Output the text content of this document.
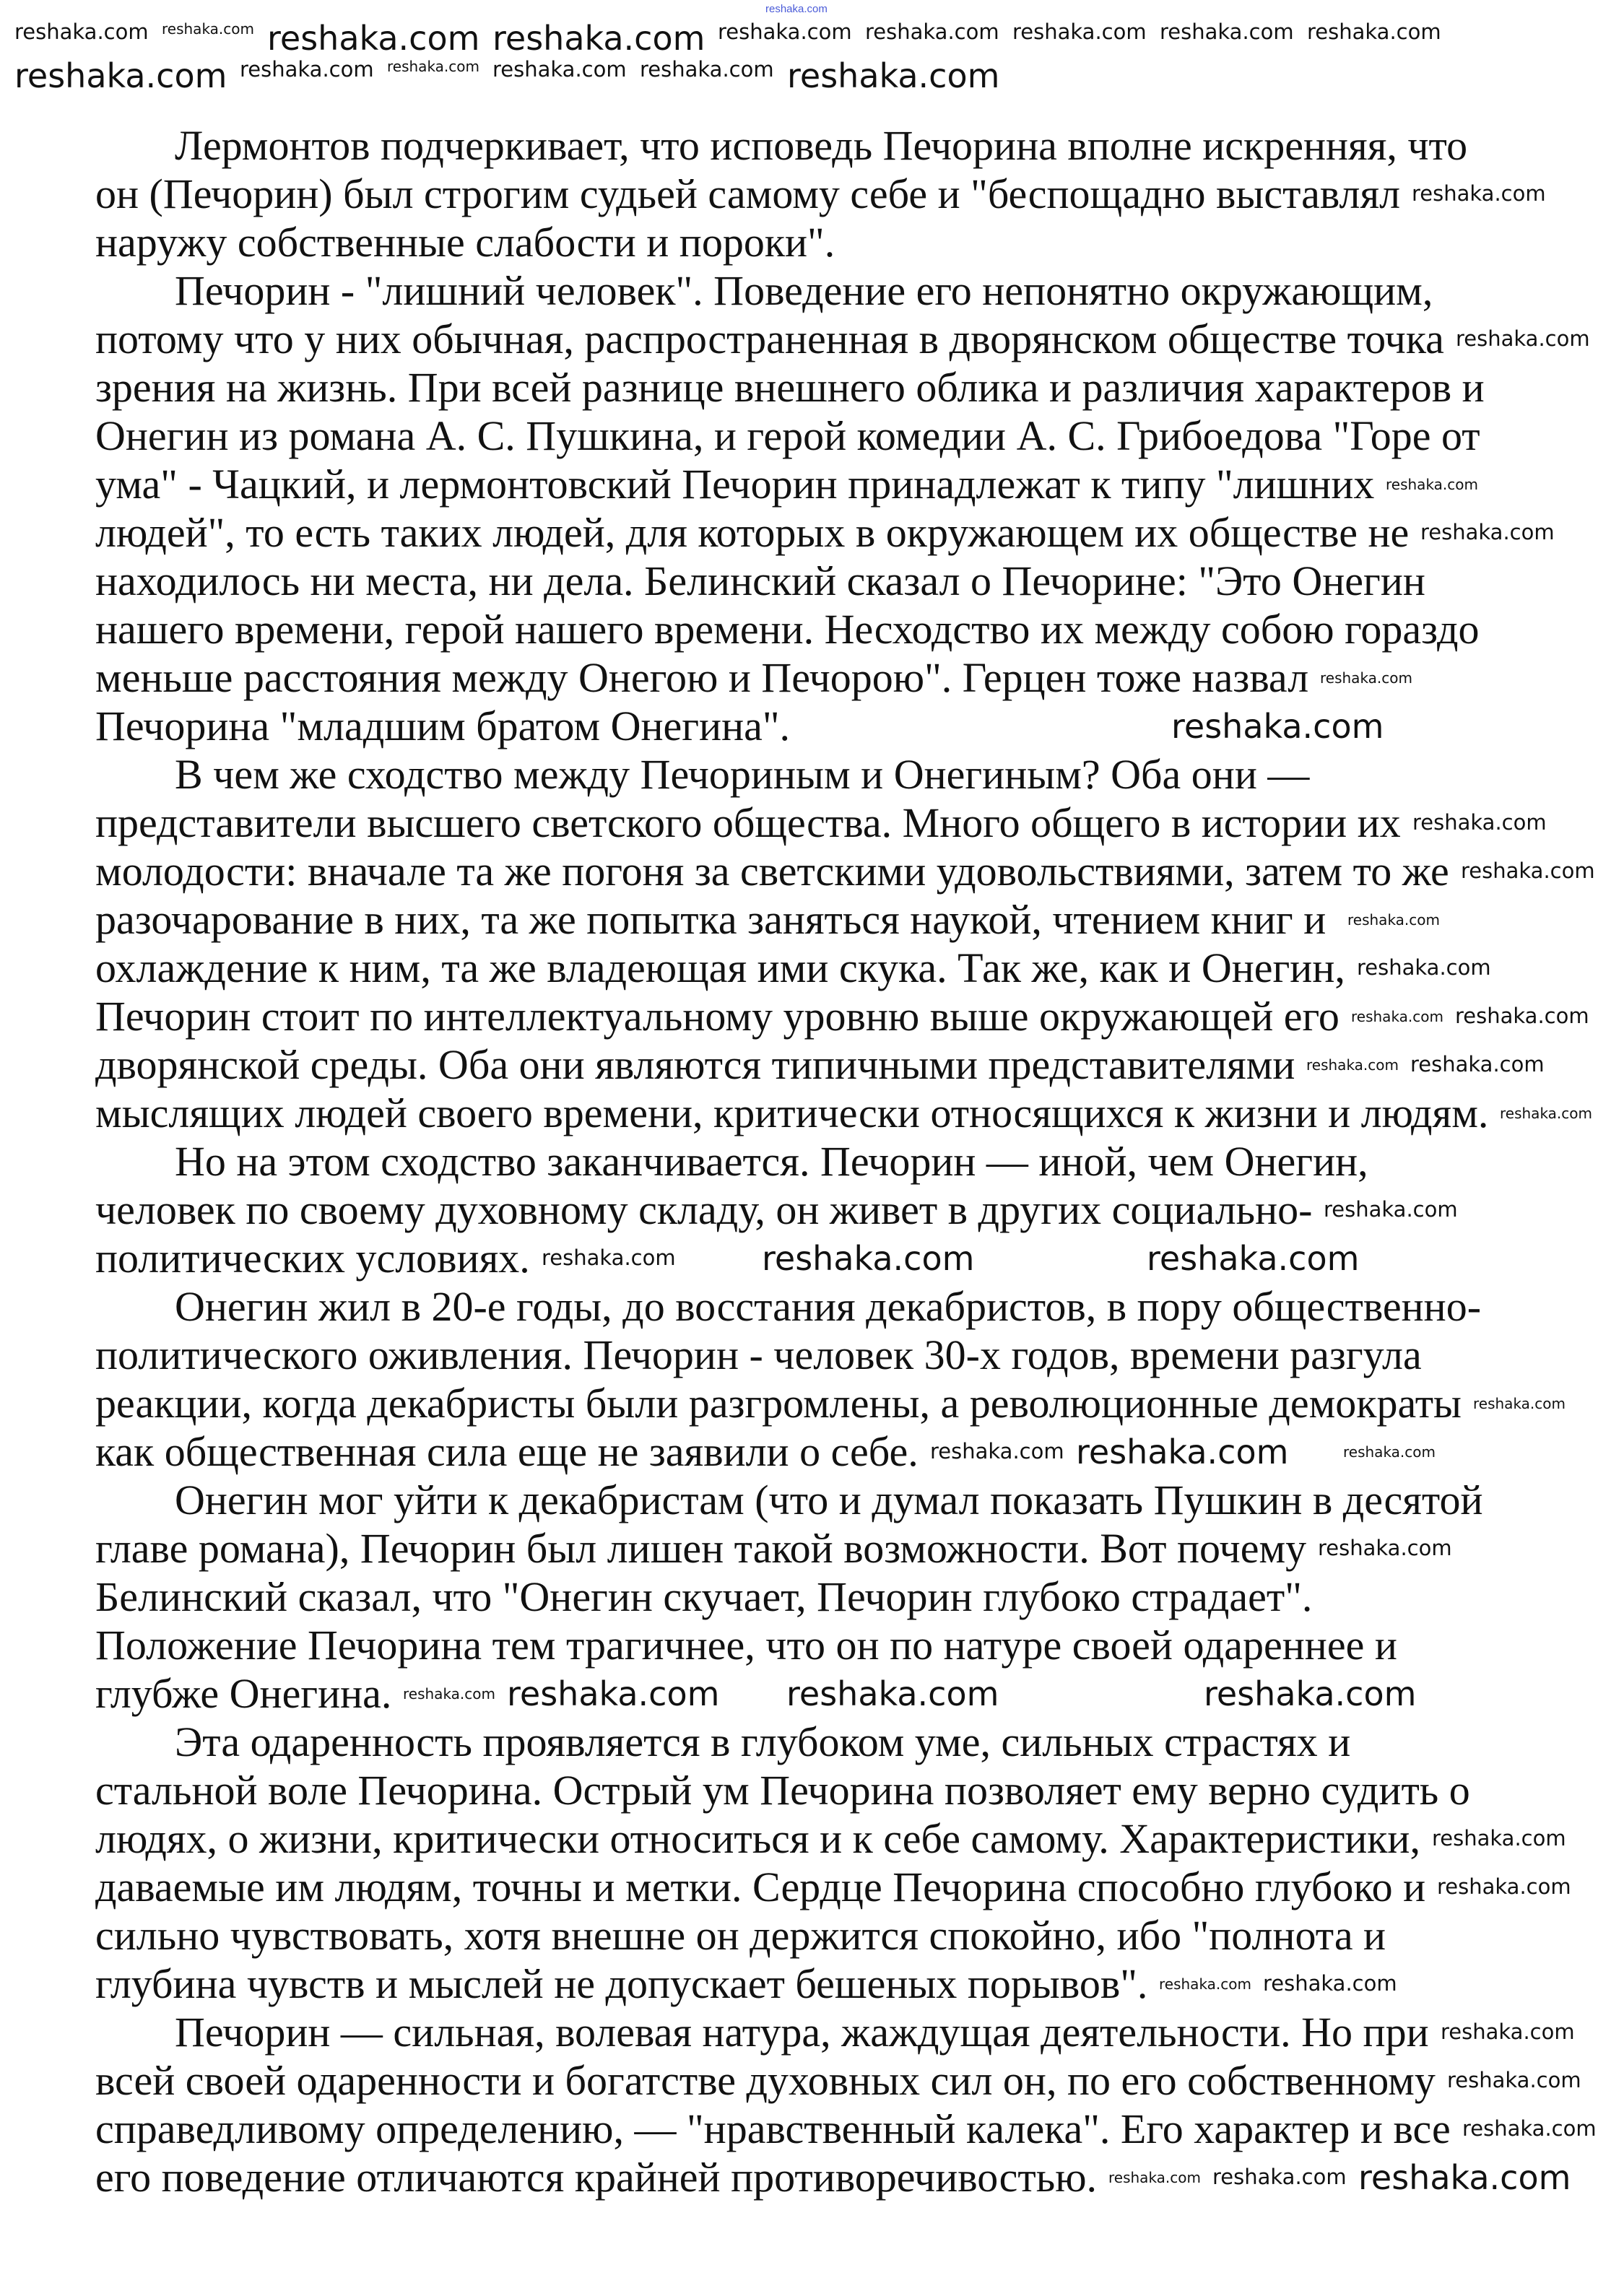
reshaka.com
Лермонтов подчеркивает, что исповедь Печорина вполне искренняя, что
он (Печорин) был строгим судьей самому себе и "беспощадно выставлял
наружу собственные слабости и пороки".
Печорин - "лишний человек". Поведение его непонятно окружающим,
потому что у них обычная, распространенная в дворянском обществе точка
зрения на жизнь. При всей разнице внешнего облика и различия характеров и
Онегин из романа А. С. Пушкина, и герой комедии А. С. Грибоедова "Горе от
ума" - Чацкий, и лермонтовский Печорин принадлежат к типу "лишних
людей", то есть таких людей, для которых в окружающем их обществе не
находилось ни места, ни дела. Белинский сказал о Печорине: "Это Онегин
нашего времени, герой нашего времени. Несходство их между собою гораздо
меньше расстояния между Онегою и Печорою". Герцен тоже назвал
Печорина "младшим братом Онегина".
В чем же сходство между Печориным и Онегиным? Оба они —
представители высшего светского общества. Много общего в истории их
молодости: вначале та же погоня за светскими удовольствиями, затем то же
разочарование в них, та же попытка заняться наукой, чтением книг и
охлаждение к ним, та же владеющая ими скука. Так же, как и Онегин,
Печорин стоит по интеллектуальному уровню выше окружающей его
дворянской среды. Оба они являются типичными представителями
мыслящих людей своего времени, критически относящихся к жизни и людям.
Но на этом сходство заканчивается. Печорин — иной, чем Онегин,
человек по своему духовному складу, он живет в других социально-
политических условиях.
Онегин жил в 20-е годы, до восстания декабристов, в пору общественно-
политического оживления. Печорин - человек 30-х годов, времени разгула
реакции, когда декабристы были разгромлены, а революционные демократы
как общественная сила еще не заявили о себе.
Онегин мог уйти к декабристам (что и думал показать Пушкин в десятой
главе романа), Печорин был лишен такой возможности. Вот почему
Белинский сказал, что "Онегин скучает, Печорин глубоко страдает".
Положение Печорина тем трагичнее, что он по натуре своей одареннее и
глубже Онегина.
Эта одаренность проявляется в глубоком уме, сильных страстях и
стальной воле Печорина. Острый ум Печорина позволяет ему верно судить о
людях, о жизни, критически относиться и к себе самому. Характеристики,
даваемые им людям, точны и метки. Сердце Печорина способно глубоко и
сильно чувствовать, хотя внешне он держится спокойно, ибо "полнота и
глубина чувств и мыслей не допускает бешеных порывов".
Печорин — сильная, волевая натура, жаждущая деятельности. Но при
всей своей одаренности и богатстве духовных сил он, по его собственному
справедливому определению, — "нравственный калека". Его характер и все
его поведение отличаются крайней противоречивостью.
reshaka.com
reshaka.com reshaka.com reshaka.com reshaka.com
reshaka.com
reshaka.com
reshaka.com
reshaka.com
reshaka.com
reshaka.com reshaka.com reshaka.com
reshaka.com
reshaka.com
reshaka.com
reshaka.com
reshaka.com
reshaka.com
reshaka.com
reshaka.com reshaka.com
reshaka.com reshaka.com
reshaka.com reshaka.com
reshaka.com
reshaka.com
reshaka.com	reshaka.com	reshaka.com
reshaka.com
reshaka.com
reshaka.com reshaka.com	reshaka.com
reshaka.com
reshaka.com reshaka.com reshaka.com	reshaka.com
reshaka.com
reshaka.com
reshaka.com
reshaka.com reshaka.com
reshaka.com
reshaka.com
reshaka.com
reshaka.com
reshaka.com reshaka.com reshaka.com
